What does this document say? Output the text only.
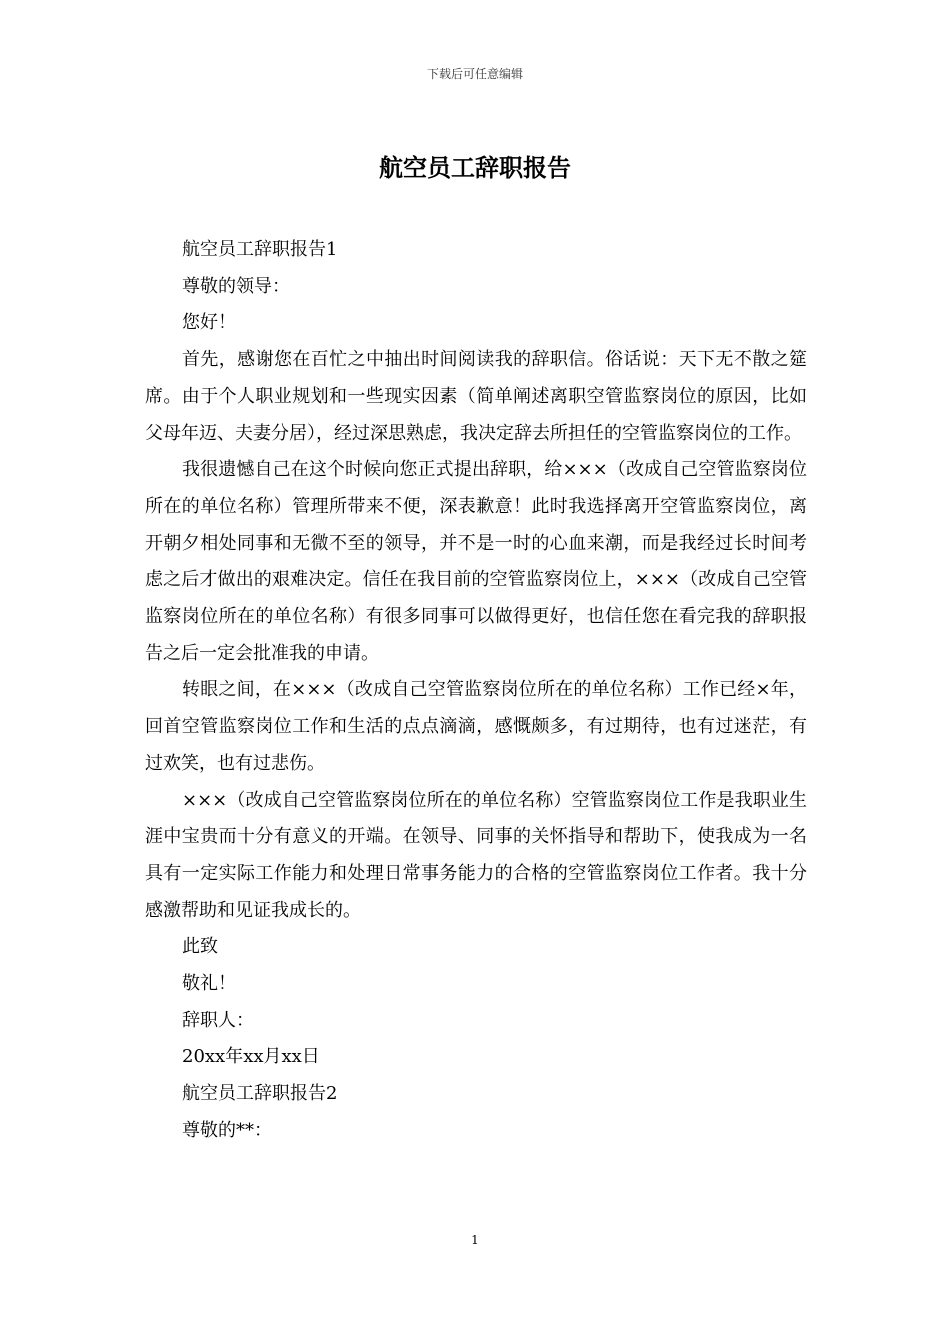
下载后可任意编辑
航空员工辞职报告

航空员工辞职报告1

尊敬的领导：

您好！

首先，感谢您在百忙之中抽出时间阅读我的辞职信。俗话说：天下无不散之筵席。由于个人职业规划和一些现实因素（简单阐述离职空管监察岗位的原因，比如父母年迈、夫妻分居），经过深思熟虑，我决定辞去所担任的空管监察岗位的工作。

我很遗憾自己在这个时候向您正式提出辞职，给×××（改成自己空管监察岗位所在的单位名称）管理所带来不便，深表歉意！此时我选择离开空管监察岗位，离开朝夕相处同事和无微不至的领导，并不是一时的心血来潮，而是我经过长时间考虑之后才做出的艰难决定。信任在我目前的空管监察岗位上，×××（改成自己空管监察岗位所在的单位名称）有很多同事可以做得更好，也信任您在看完我的辞职报告之后一定会批准我的申请。

转眼之间，在×××（改成自己空管监察岗位所在的单位名称）工作已经×年，回首空管监察岗位工作和生活的点点滴滴，感慨颇多，有过期待，也有过迷茫，有过欢笑，也有过悲伤。

×××（改成自己空管监察岗位所在的单位名称）空管监察岗位工作是我职业生涯中宝贵而十分有意义的开端。在领导、同事的关怀指导和帮助下，使我成为一名具有一定实际工作能力和处理日常事务能力的合格的空管监察岗位工作者。我十分感激帮助和见证我成长的。

此致

敬礼！

辞职人：

20xx年xx月xx日

航空员工辞职报告2

尊敬的**：

1
